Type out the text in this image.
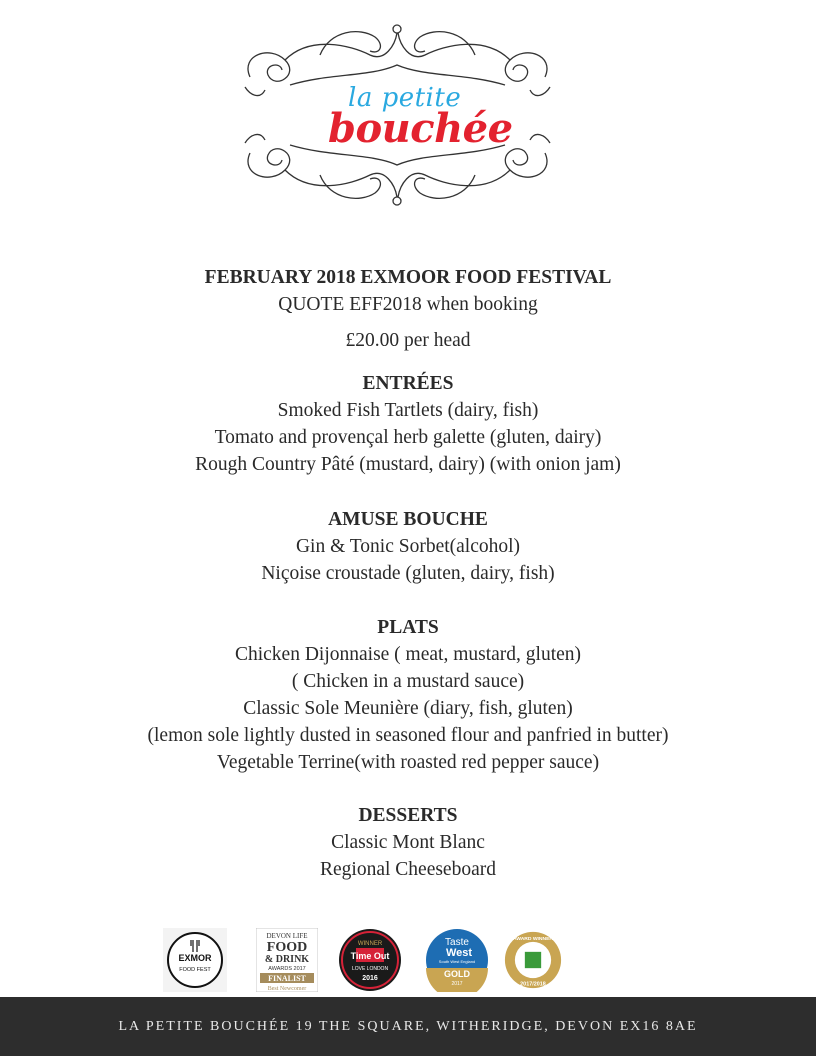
la petite
bouchée
FEBRUARY 2018 EXMOOR FOOD FESTIVAL
QUOTE EFF2018 when booking
£20.00 per head
ENTRÉES
Smoked Fish Tartlets (dairy, fish)
Tomato and provençal herb galette (gluten, dairy)
Rough Country Pâté (mustard, dairy) (with onion jam)
AMUSE BOUCHE
Gin & Tonic Sorbet(alcohol)
Niçoise croustade (gluten, dairy, fish)
PLATS
Chicken Dijonnaise ( meat, mustard, gluten)
( Chicken in a mustard sauce)
Classic Sole Meunière (diary, fish, gluten)
(lemon sole lightly dusted in seasoned flour and panfried in butter)
Vegetable Terrine(with roasted red pepper sauce)
DESSERTS
Classic Mont Blanc
Regional Cheeseboard
EXMOR
FOOD FEST
DEVON LIFE
FOOD
& DRINK
AWARDS 2017
FINALIST
Best Newcomer
WINNER
Time Out
LOVE LONDON
2016
Taste
West
South West England
GOLD
2017
AWARD WINNER
2017/2018
LA PETITE BOUCHÉE 19 THE SQUARE, WITHERIDGE, DEVON EX16 8AE
